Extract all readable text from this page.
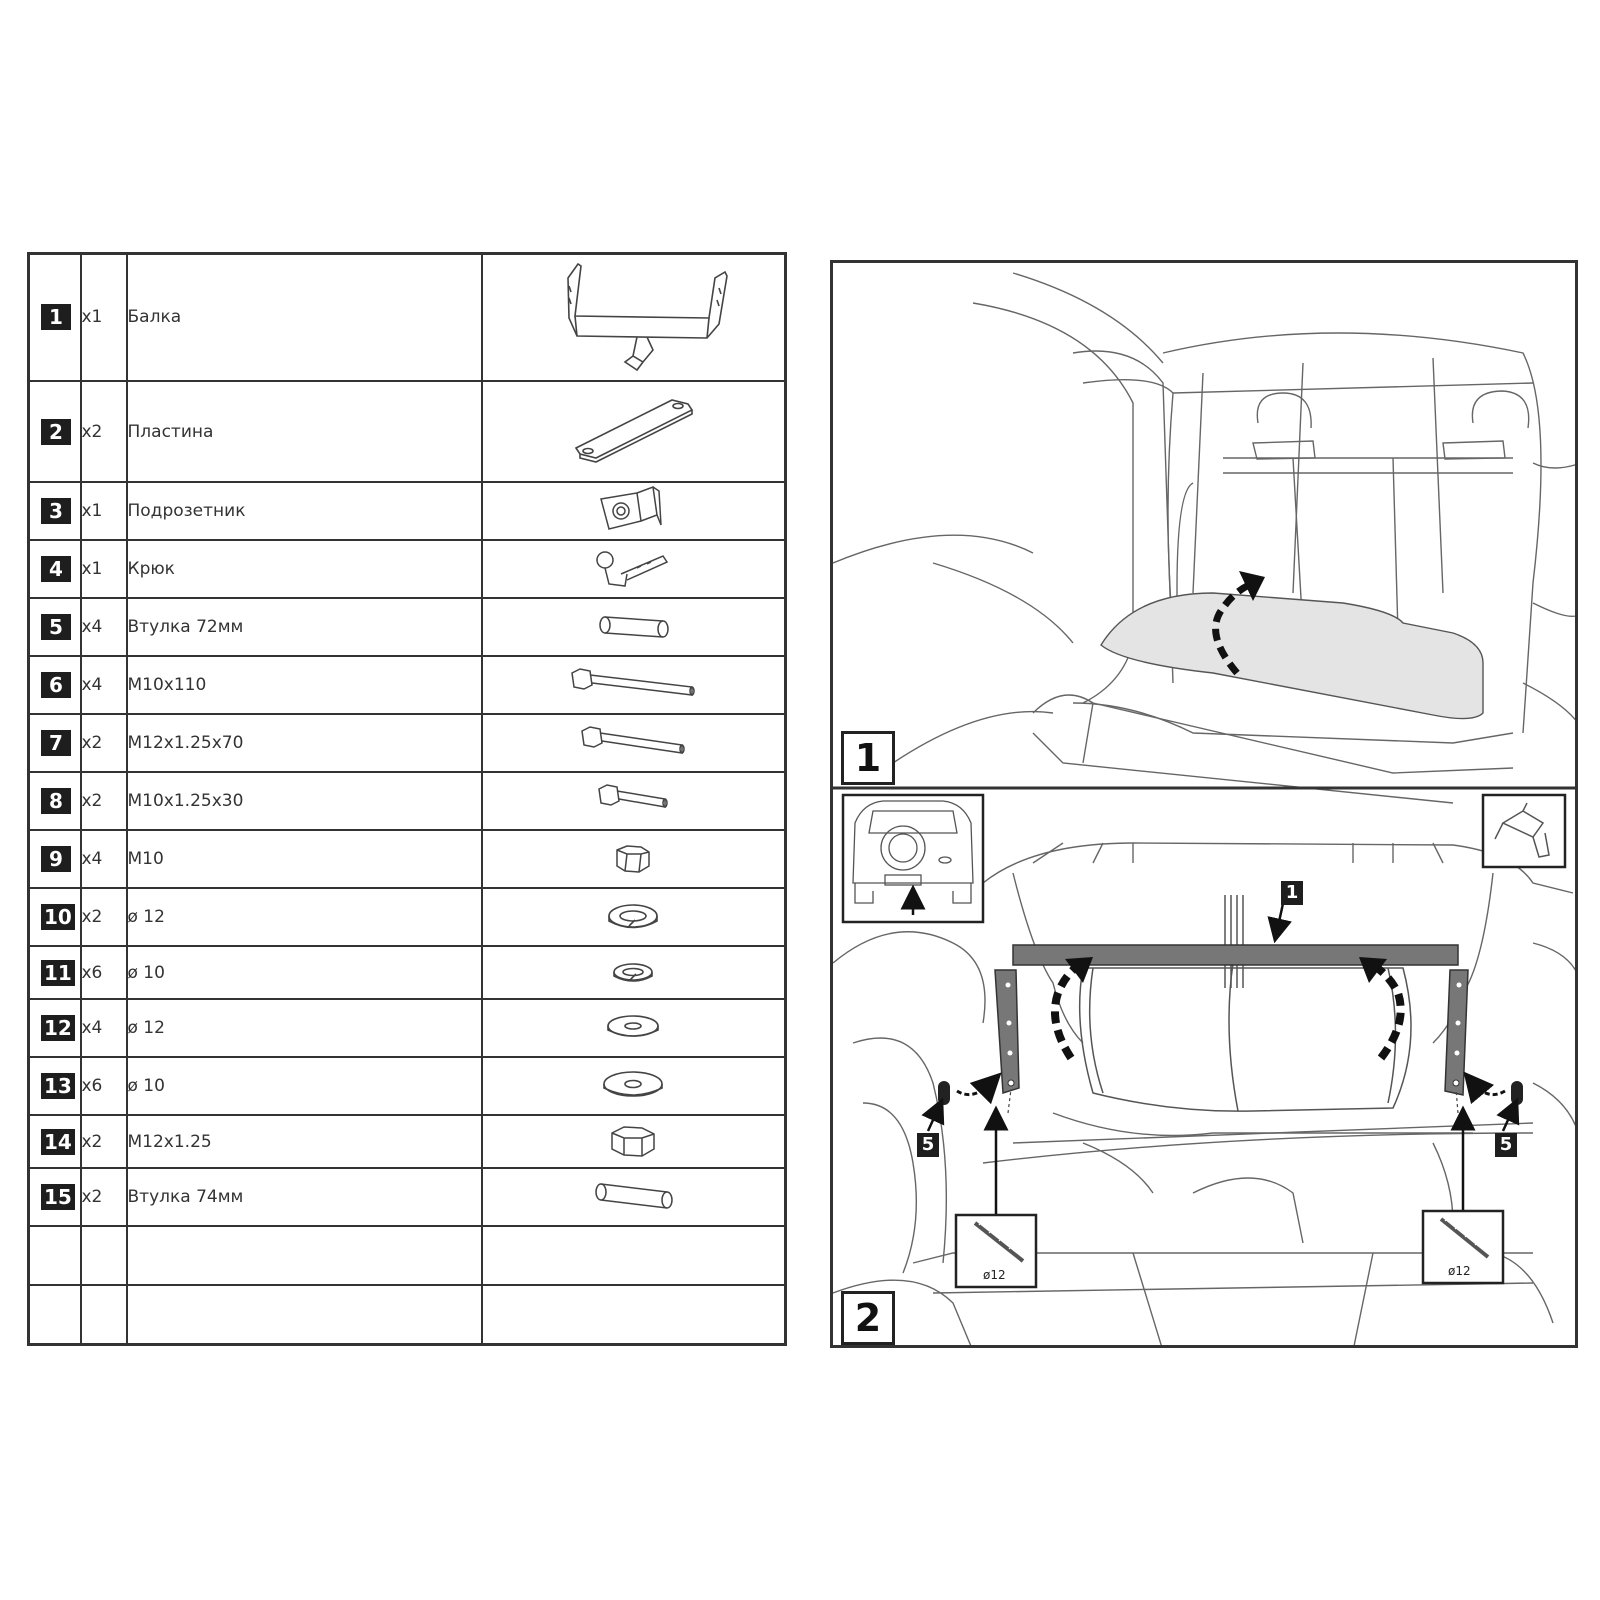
1	x1	Балка	

2	x2	Пластина	

3	x1	Подрозетник	

4	x1	Крюк	

5	x4	Втулка 72мм	

6	x4	M10x110	

7	x2	M12x1.25x70	

8	x2	M10x1.25x30	

9	x4	M10	

10	x2	ø 12	

11	x6	ø 10	

12	x4	ø 12	

13	x6	ø 10	

14	x2	M12x1.25	

15	x2	Втулка 74мм	

1
2
1
5	5
ø12	ø12
